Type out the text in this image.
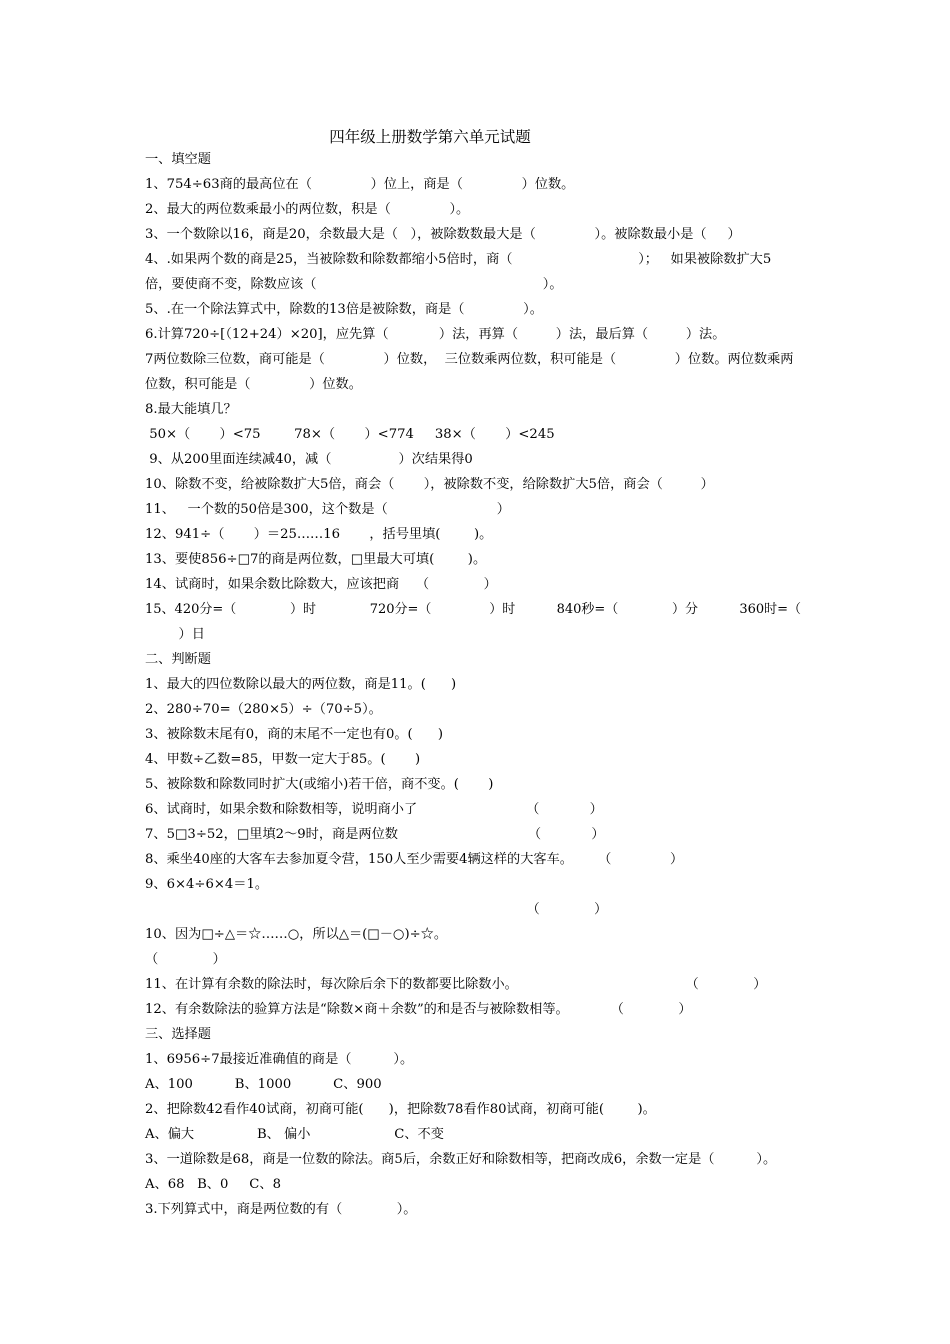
四年级上册数学第六单元试题
一、填空题
1、754÷63商的最高位在（              ）位上，商是（              ）位数。
2、最大的两位数乘最小的两位数，积是（              ）。
3、一个数除以16，商是20，余数最大是（   ），被除数数最大是（              ）。被除数最小是（     ）
4、.如果两个数的商是25，当被除数和除数都缩小5倍时，商（                              ）；   如果被除数扩大5
倍，要使商不变，除数应该（                                                      ）。
5、.在一个除法算式中，除数的13倍是被除数，商是（              ）。
6.计算720÷[（12+24）×20]，应先算（            ）法，再算（         ）法，最后算（         ）法。
7两位数除三位数，商可能是（              ）位数，  三位数乘两位数，积可能是（              ）位数。两位数乘两
位数，积可能是（              ）位数。
8.最大能填几？
50×（       ）<75        78×（       ）<774     38×（       ）<245
9、从200里面连续减40，减（                ）次结果得0
10、除数不变，给被除数扩大5倍，商会（       ），被除数不变，给除数扩大5倍，商会（         ）
11、   一个数的50倍是300，这个数是（                          ）
12、941÷（       ）＝25……16       ，括号里填(        )。
13、要使856÷□7的商是两位数，□里最大可填(        )。
14、试商时，如果余数比除数大，应该把商    （             ）
15、420分=（             ）时             720分=（              ）时          840秒=（             ）分          360时=（
）日
二、判断题
1、最大的四位数除以最大的两位数，商是11。(      )
2、280÷70=（280×5）÷（70÷5）。
3、被除数末尾有0，商的末尾不一定也有0。(      )
4、甲数÷乙数=85，甲数一定大于85。(       )
5、被除数和除数同时扩大(或缩小)若干倍，商不变。(       )
6、试商时，如果余数和除数相等，说明商小了                          （            ）
7、5□3÷52，□里填2～9时，商是两位数                               （            ）
8、乘坐40座的大客车去参加夏令营，150人至少需要4辆这样的大客车。      （              ）
9、6×4÷6×4＝1。
（             ）
10、因为□÷△＝☆……○，所以△＝(□－○)÷☆。
（             ）
11、在计算有余数的除法时，每次除后余下的数都要比除数小。                                        （             ）
12、有余数除法的验算方法是“除数×商＋余数”的和是否与被除数相等。          （             ）
三、选择题
1、6956÷7最接近准确值的商是（          ）。
A、100          B、1000          C、900
2、把除数42看作40试商，初商可能(      )，把除数78看作80试商，初商可能(        )。
A、偏大               B、 偏小                    C、不变
3、一道除数是68，商是一位数的除法。商5后，余数正好和除数相等，把商改成6，余数一定是（          ）。
A、68   B、0     C、8
3.下列算式中，商是两位数的有（             ）。
